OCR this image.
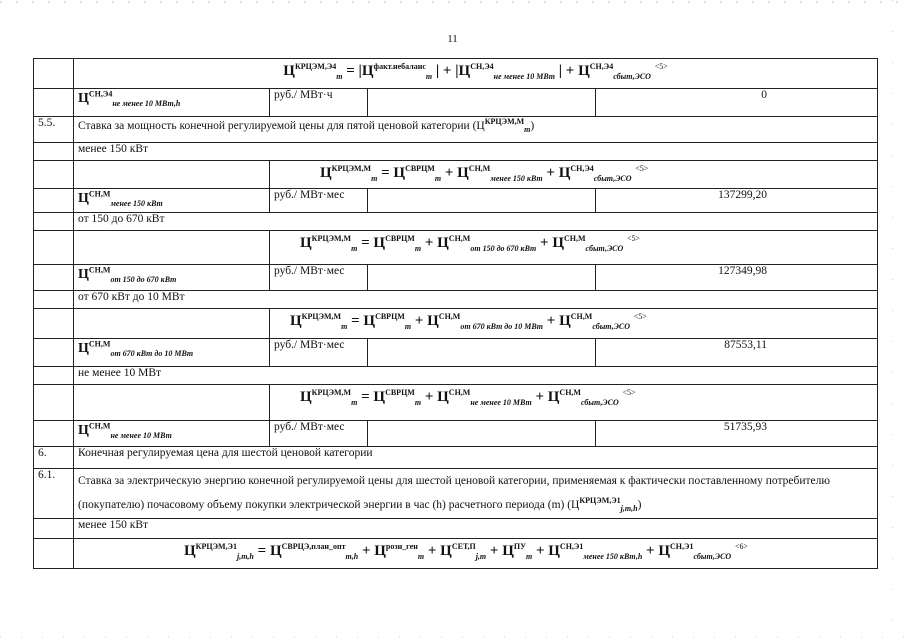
11
	$Ц^{КРЦЭМ,Э4}_m = |Ц^{факт.небаланс}_m$ | + $|Ц^{СН,Э4}_{не менее 10 МВт}$ | + $Ц^{СН,Э4}_{сбыт,ЭСО}$ $^{<5>}$
	$Ц^{СН,Э4}_{не менее 10 МВт,h}$	руб./ МВт·ч		0
5.5.	Ставка за мощность конечной регулируемой цены для пятой ценовой категории $(Ц^{КРЦЭМ,М}_m)$			
	менее 150 кВт			
		$Ц^{КРЦЭМ,М}_m = Ц^{СВРЦМ}_m + Ц^{СН,М}_{менее 150 кВт} + Ц^{СН,Э4}_{сбыт,ЭСО}$ $^{<5>}$
	$Ц^{СН,М}_{менее 150 кВт}$	руб./ МВт·мес		137299,20
	от 150 до 670 кВт			
		$Ц^{КРЦЭМ,М}_m = Ц^{СВРЦМ}_m + Ц^{СН,М}_{от 150 до 670 кВт} + Ц^{СН,М}_{сбыт,ЭСО}$ $^{<5>}$
	$Ц^{СН,М}_{от 150 до 670 кВт}$	руб./ МВт·мес		127349,98
	от 670 кВт до 10 МВт			
		$Ц^{КРЦЭМ,М}_m = Ц^{СВРЦМ}_m + Ц^{СН,М}_{от 670 кВт до 10 МВт} + Ц^{СН,М}_{сбыт,ЭСО}$ $^{<5>}$
	$Ц^{СН,М}_{от 670 кВт до 10 МВт}$	руб./ МВт·мес		87553,11
	не менее 10 МВт			
		$Ц^{КРЦЭМ,М}_m = Ц^{СВРЦМ}_m + Ц^{СН,М}_{не менее 10 МВт} + Ц^{СН,М}_{сбыт,ЭСО}$ $^{<5>}$
	$Ц^{СН,М}_{не менее 10 МВт}$	руб./ МВт·мес		51735,93
6.	Конечная регулируемая цена для шестой ценовой категории			
6.1.	Ставка за электрическую энергию конечной регулируемой цены для шестой ценовой категории, применяемая к фактически поставленному потребителю (покупателю) почасовому объему покупки электрической энергии в час (h) расчетного периода (m) $(Ц^{КРЦЭМ,Э1}_{j,m,h})$			
	менее 150 кВт			
	$Ц^{КРЦЭМ,Э1}_{j,m,h} = Ц^{СВРЦЭ,план\_опт}_{m,h} + Ц^{розн\_ген}_m + Ц^{СЕТ,П}_{j,m} + Ц^{ПУ}_m + Ц^{СН,Э1}_{менее 150 кВт,h} + Ц^{СН,Э1}_{сбыт,ЭСО}$ $^{<6>}$
